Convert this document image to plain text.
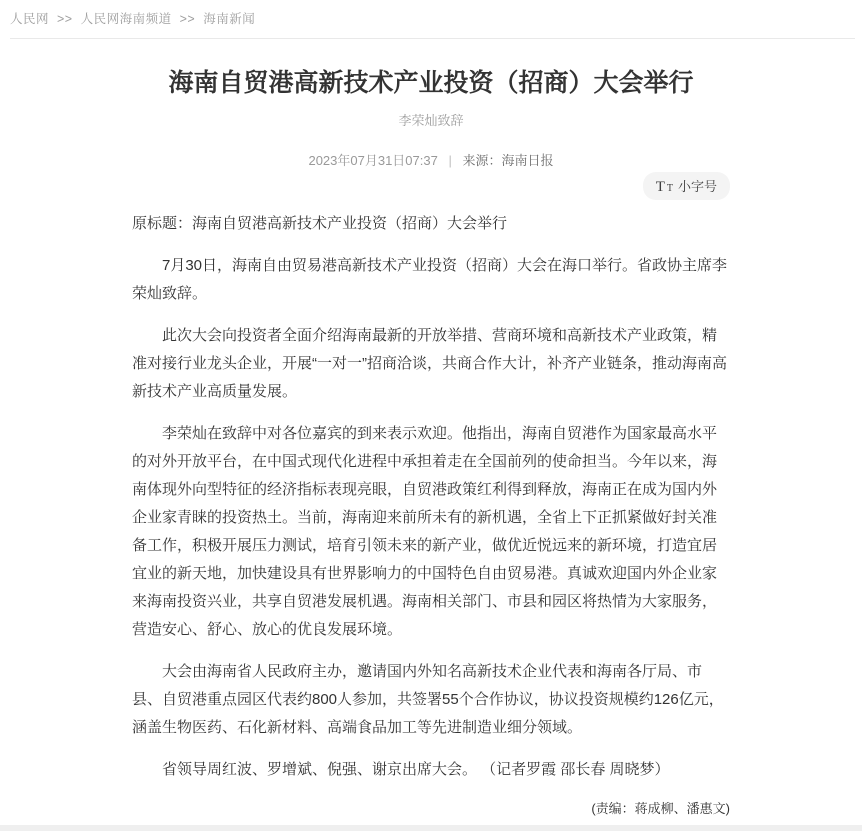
人民网 >> 人民网海南频道 >> 海南新闻
海南自贸港高新技术产业投资（招商）大会举行
李荣灿致辞
2023年07月31日07:37 | 来源：海南日报
T T 小字号

原标题：海南自贸港高新技术产业投资（招商）大会举行

7月30日，海南自由贸易港高新技术产业投资（招商）大会在海口举行。省政协主席李荣灿致辞。

此次大会向投资者全面介绍海南最新的开放举措、营商环境和高新技术产业政策，精准对接行业龙头企业，开展“一对一”招商洽谈，共商合作大计，补齐产业链条，推动海南高新技术产业高质量发展。

李荣灿在致辞中对各位嘉宾的到来表示欢迎。他指出，海南自贸港作为国家最高水平的对外开放平台，在中国式现代化进程中承担着走在全国前列的使命担当。今年以来，海南体现外向型特征的经济指标表现亮眼，自贸港政策红利得到释放，海南正在成为国内外企业家青睐的投资热土。当前，海南迎来前所未有的新机遇，全省上下正抓紧做好封关准备工作，积极开展压力测试，培育引领未来的新产业，做优近悦远来的新环境，打造宜居宜业的新天地，加快建设具有世界影响力的中国特色自由贸易港。真诚欢迎国内外企业家来海南投资兴业，共享自贸港发展机遇。海南相关部门、市县和园区将热情为大家服务，营造安心、舒心、放心的优良发展环境。

大会由海南省人民政府主办，邀请国内外知名高新技术企业代表和海南各厅局、市县、自贸港重点园区代表约800人参加，共签署55个合作协议，协议投资规模约126亿元，涵盖生物医药、石化新材料、高端食品加工等先进制造业细分领域。

省领导周红波、罗增斌、倪强、谢京出席大会。 （记者罗霞 邵长春 周晓梦）

(责编：蒋成柳、潘惠文)
